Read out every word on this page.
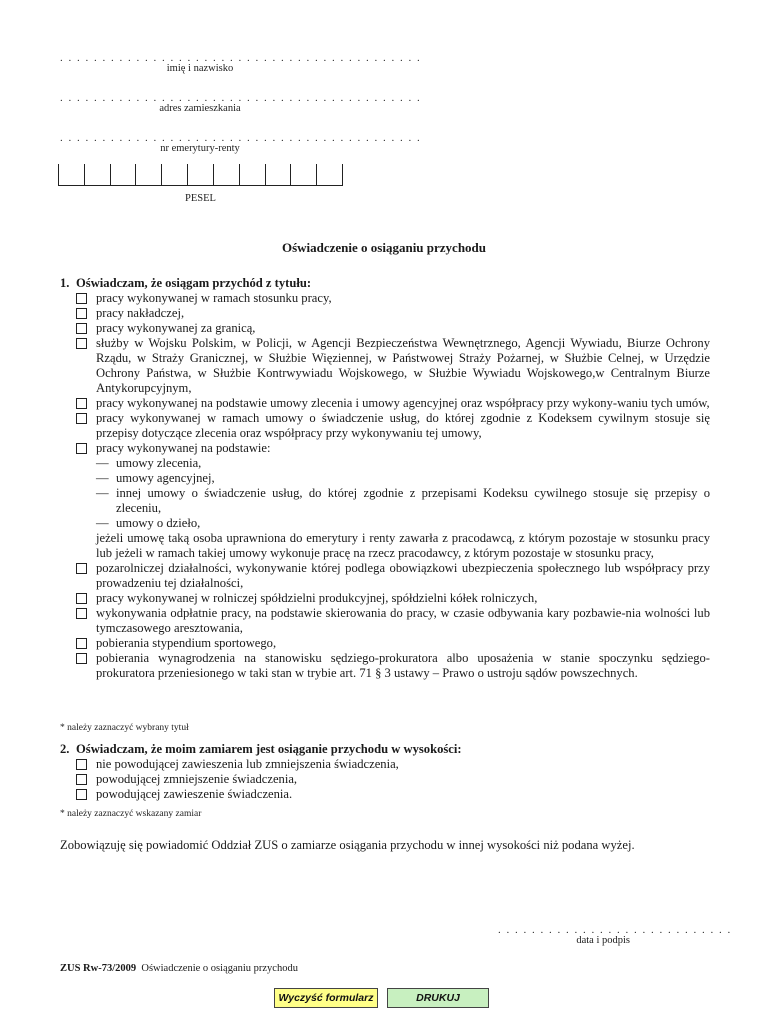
. . . . . . . . . . . . . . . . . . . . . . . . . . . . . . . . . . . . . . . . . . .
imię i nazwisko
. . . . . . . . . . . . . . . . . . . . . . . . . . . . . . . . . . . . . . . . . . .
adres zamieszkania
. . . . . . . . . . . . . . . . . . . . . . . . . . . . . . . . . . . . . . . . . . .
nr emerytury-renty
PESEL
Oświadczenie o osiąganiu przychodu
1. Oświadczam, że osiągam przychód z tytułu:
pracy wykonywanej w ramach stosunku pracy,
pracy nakładczej,
pracy wykonywanej za granicą,
służby w Wojsku Polskim, w Policji, w Agencji Bezpieczeństwa Wewnętrznego, Agencji Wywiadu, Biurze Ochrony Rządu, w Straży Granicznej, w Służbie Więziennej, w Państwowej Straży Pożarnej, w Służbie Celnej, w Urzędzie Ochrony Państwa, w Służbie Kontrwywiadu Wojskowego, w Służbie Wywiadu Wojskowego,w Centralnym Biurze Antykorupcyjnym,
pracy wykonywanej na podstawie umowy zlecenia i umowy agencyjnej oraz współpracy przy wykony-waniu tych umów,
pracy wykonywanej w ramach umowy o świadczenie usług, do której zgodnie z Kodeksem cywilnym stosuje się przepisy dotyczące zlecenia oraz współpracy przy wykonywaniu tej umowy,
pracy wykonywanej na podstawie:
— umowy zlecenia,
— umowy agencyjnej,
— innej umowy o świadczenie usług, do której zgodnie z przepisami Kodeksu cywilnego stosuje się przepisy o zleceniu,
— umowy o dzieło,
jeżeli umowę taką osoba uprawniona do emerytury i renty zawarła z pracodawcą, z którym pozostaje w stosunku pracy lub jeżeli w ramach takiej umowy wykonuje pracę na rzecz pracodawcy, z którym pozostaje w stosunku pracy,
pozarolniczej działalności, wykonywanie której podlega obowiązkowi ubezpieczenia społecznego lub współpracy przy prowadzeniu tej działalności,
pracy wykonywanej w rolniczej spółdzielni produkcyjnej, spółdzielni kółek rolniczych,
wykonywania odpłatnie pracy, na podstawie skierowania do pracy, w czasie odbywania kary pozbawie-nia wolności lub tymczasowego aresztowania,
pobierania stypendium sportowego,
pobierania wynagrodzenia na stanowisku sędziego-prokuratora albo uposażenia w stanie spoczynku sędziego-prokuratora przeniesionego w taki stan w trybie art. 71 § 3 ustawy – Prawo o ustroju sądów powszechnych.
* należy zaznaczyć wybrany tytuł
2. Oświadczam, że moim zamiarem jest osiąganie przychodu w wysokości:
nie powodującej zawieszenia lub zmniejszenia świadczenia,
powodującej zmniejszenie świadczenia,
powodującej zawieszenie świadczenia.
* należy zaznaczyć wskazany zamiar
Zobowiązuję się powiadomić Oddział ZUS o zamiarze osiągania przychodu w innej wysokości niż podana wyżej.
. . . . . . . . . . . . . . . . . . . . . . . . . . . .
data i podpis
ZUS Rw-73/2009 Oświadczenie o osiąganiu przychodu
Wyczyść formularz	DRUKUJ
